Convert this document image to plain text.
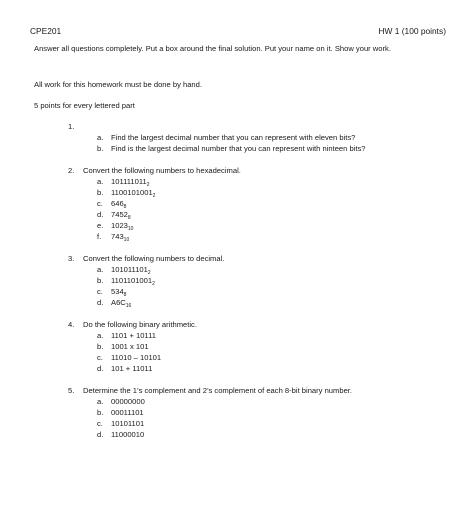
CPE201	HW 1 (100 points)
Answer all questions completely. Put a box around the final solution. Put your name on it. Show your work.
All work for this homework must be done by hand.
5 points for every lettered part
1.
a.	Find the largest decimal number that you can represent with eleven bits?
b.	Find is the largest decimal number that you can represent with ninteen bits?
2. Convert the following numbers to hexadecimal.
a.	$101111011_2$
b.	$1100101001_2$
c.	$646_8$
d.	$7452_8$
e.	$1023_{10}$
f.	$743_{10}$
3. Convert the following numbers to decimal.
a.	$101011101_2$
b.	$1101101001_2$
c.	$534_8$
d.	$A6C_{16}$
4. Do the following binary arithmetic.
a.	1101 + 10111
b.	1001 x 101
c.	11010 – 10101
d.	101 + 11011
5. Determine the 1’s complement and 2’s complement of each 8-bit binary number.
a.	00000000
b.	00011101
c.	10101101
d.	11000010
